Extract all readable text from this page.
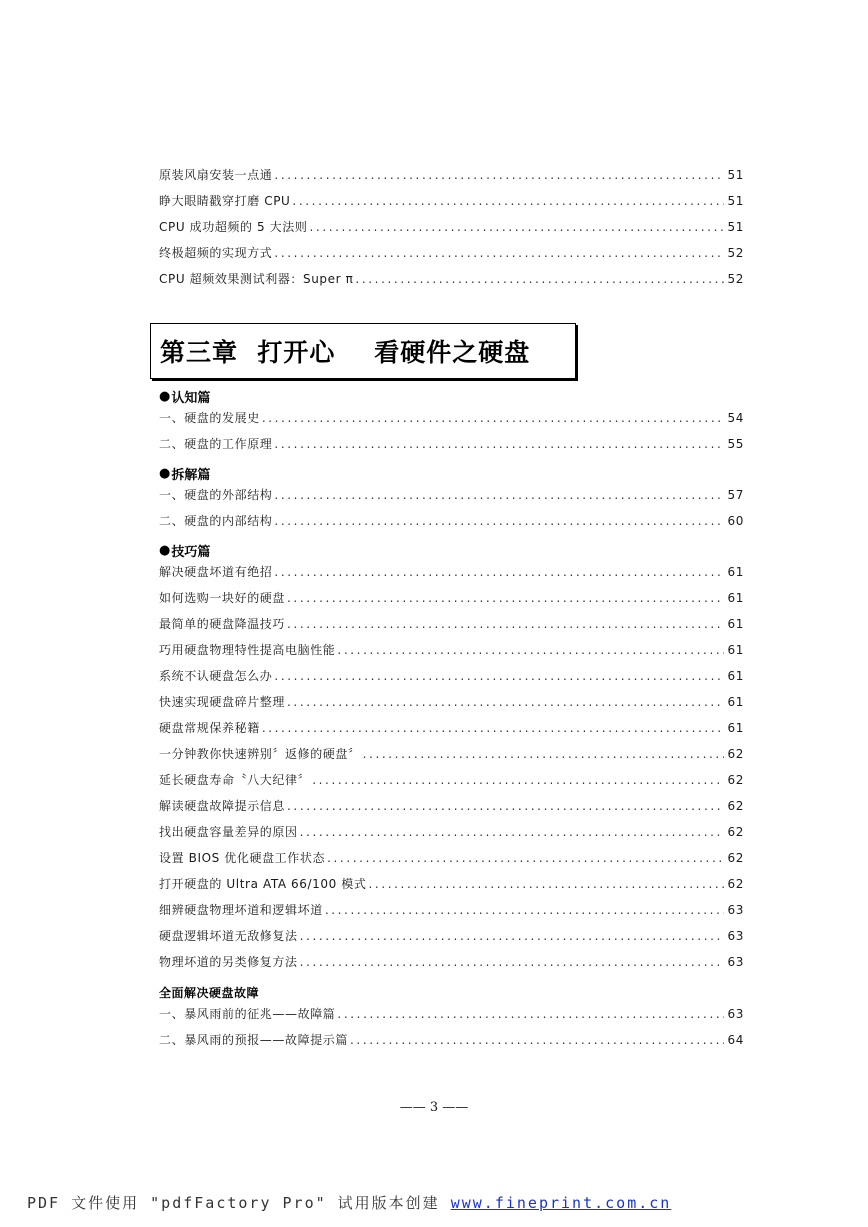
原装风扇安装一点通 .....	51
睁大眼睛戳穿打磨 CPU .....	51
CPU 成功超频的 5 大法则 .....	51
终极超频的实现方式 .....	52
CPU 超频效果测试利器：Super π .....	52
第三章  打开心    看硬件之硬盘
● 认知篇
一、硬盘的发展史 .....	54
二、硬盘的工作原理 .....	55
● 拆解篇
一、硬盘的外部结构 .....	57
二、硬盘的内部结构 .....	60
● 技巧篇
解决硬盘坏道有绝招 .....	61
如何选购一块好的硬盘 .....	61
最简单的硬盘降温技巧 .....	61
巧用硬盘物理特性提高电脑性能 .....	61
系统不认硬盘怎么办 .....	61
快速实现硬盘碎片整理 .....	61
硬盘常规保养秘籍 .....	61
一分钟教你快速辨别〞返修的硬盘〞 .....	62
延长硬盘寿命〝八大纪律〞 .....	62
解读硬盘故障提示信息 .....	62
找出硬盘容量差异的原因 .....	62
设置 BIOS 优化硬盘工作状态 .....	62
打开硬盘的 Ultra ATA 66/100 模式 .....	62
细辨硬盘物理坏道和逻辑坏道 .....	63
硬盘逻辑坏道无敌修复法 .....	63
物理坏道的另类修复方法 .....	63
全面解决硬盘故障
一、暴风雨前的征兆——故障篇 .....	63
二、暴风雨的预报——故障提示篇 .....	64
—— 3 ——
PDF 文件使用 "pdfFactory Pro" 试用版本创建 www.fineprint.com.cn
